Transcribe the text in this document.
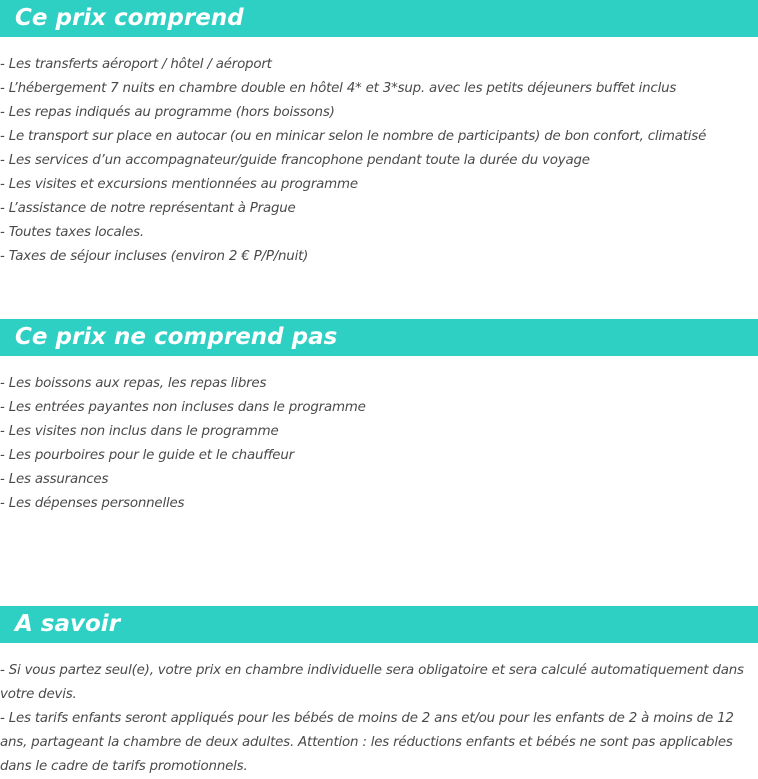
Ce prix comprend
- Les transferts aéroport / hôtel / aéroport
- L’hébergement 7 nuits en chambre double en hôtel 4* et 3*sup. avec les petits déjeuners buffet inclus
- Les repas indiqués au programme (hors boissons)
- Le transport sur place en autocar (ou en minicar selon le nombre de participants) de bon confort, climatisé
- Les services d’un accompagnateur/guide francophone pendant toute la durée du voyage
- Les visites et excursions mentionnées au programme
- L’assistance de notre représentant à Prague
- Toutes taxes locales.
- Taxes de séjour incluses (environ 2 € P/P/nuit)
Ce prix ne comprend pas
- Les boissons aux repas, les repas libres
- Les entrées payantes non incluses dans le programme
- Les visites non inclus dans le programme
- Les pourboires pour le guide et le chauffeur
- Les assurances
- Les dépenses personnelles
A savoir

- Si vous partez seul(e), votre prix en chambre individuelle sera obligatoire et sera calculé automatiquement dans votre devis.

- Les tarifs enfants seront appliqués pour les bébés de moins de 2 ans et/ou pour les enfants de 2 à moins de 12 ans, partageant la chambre de deux adultes. Attention : les réductions enfants et bébés ne sont pas applicables dans le cadre de tarifs promotionnels.
